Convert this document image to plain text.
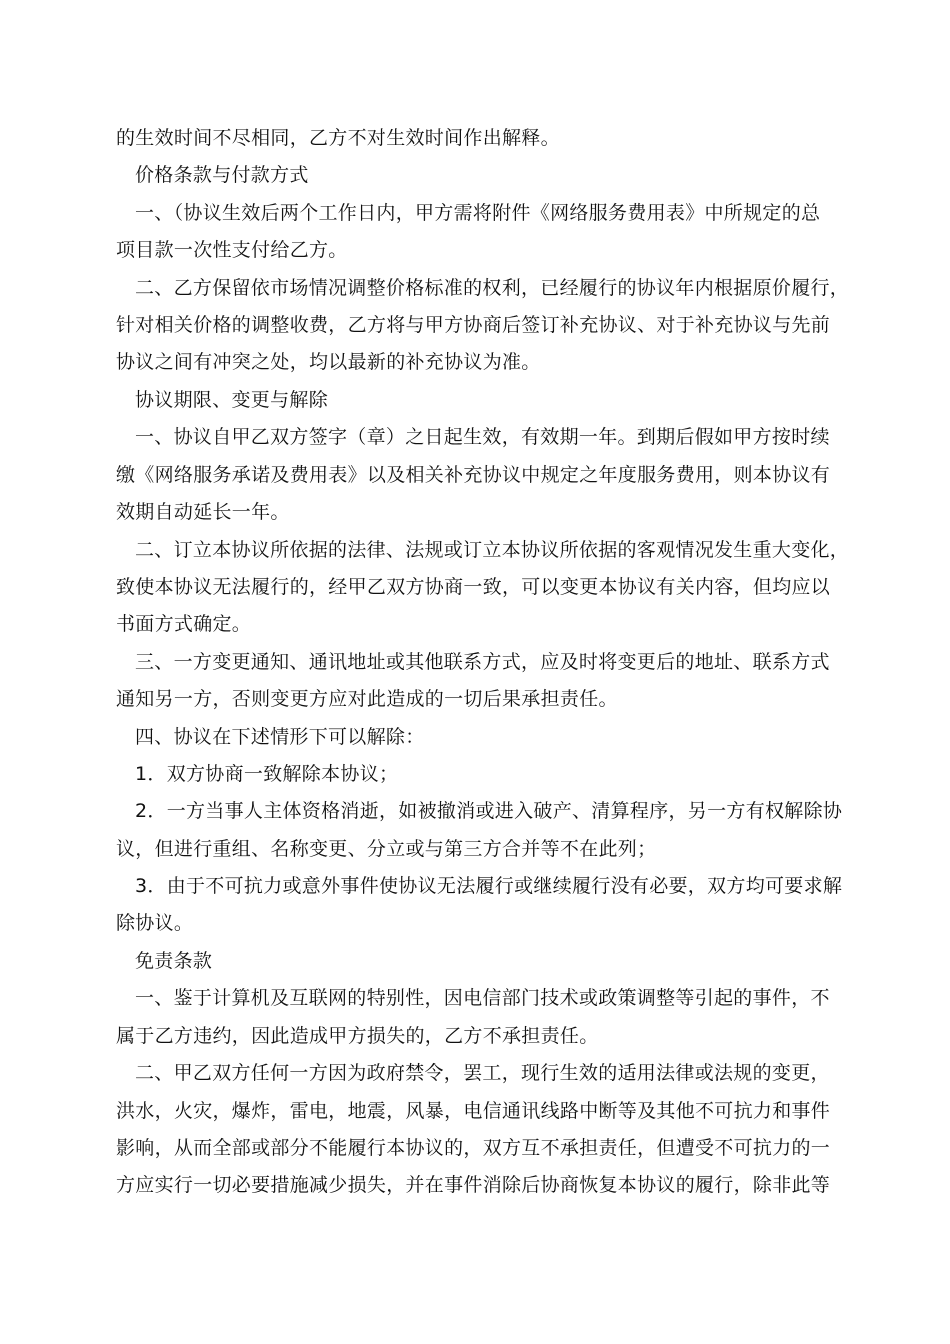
的生效时间不尽相同，乙方不对生效时间作出解释。
价格条款与付款方式
一、（协议生效后两个工作日内，甲方需将附件《网络服务费用表》中所规定的总
项目款一次性支付给乙方。
二、乙方保留依市场情况调整价格标准的权利，已经履行的协议年内根据原价履行，
针对相关价格的调整收费，乙方将与甲方协商后签订补充协议、对于补充协议与先前
协议之间有冲突之处，均以最新的补充协议为准。
协议期限、变更与解除
一、协议自甲乙双方签字（章）之日起生效，有效期一年。到期后假如甲方按时续
缴《网络服务承诺及费用表》以及相关补充协议中规定之年度服务费用，则本协议有
效期自动延长一年。
二、订立本协议所依据的法律、法规或订立本协议所依据的客观情况发生重大变化，
致使本协议无法履行的，经甲乙双方协商一致，可以变更本协议有关内容，但均应以
书面方式确定。
三、一方变更通知、通讯地址或其他联系方式，应及时将变更后的地址、联系方式
通知另一方，否则变更方应对此造成的一切后果承担责任。
四、协议在下述情形下可以解除：
1．双方协商一致解除本协议；
2．一方当事人主体资格消逝，如被撤消或进入破产、清算程序，另一方有权解除协
议，但进行重组、名称变更、分立或与第三方合并等不在此列；
3．由于不可抗力或意外事件使协议无法履行或继续履行没有必要，双方均可要求解
除协议。
免责条款
一、鉴于计算机及互联网的特别性，因电信部门技术或政策调整等引起的事件，不
属于乙方违约，因此造成甲方损失的，乙方不承担责任。
二、甲乙双方任何一方因为政府禁令，罢工，现行生效的适用法律或法规的变更，
洪水，火灾，爆炸，雷电，地震，风暴，电信通讯线路中断等及其他不可抗力和事件
影响，从而全部或部分不能履行本协议的，双方互不承担责任，但遭受不可抗力的一
方应实行一切必要措施减少损失，并在事件消除后协商恢复本协议的履行，除非此等
